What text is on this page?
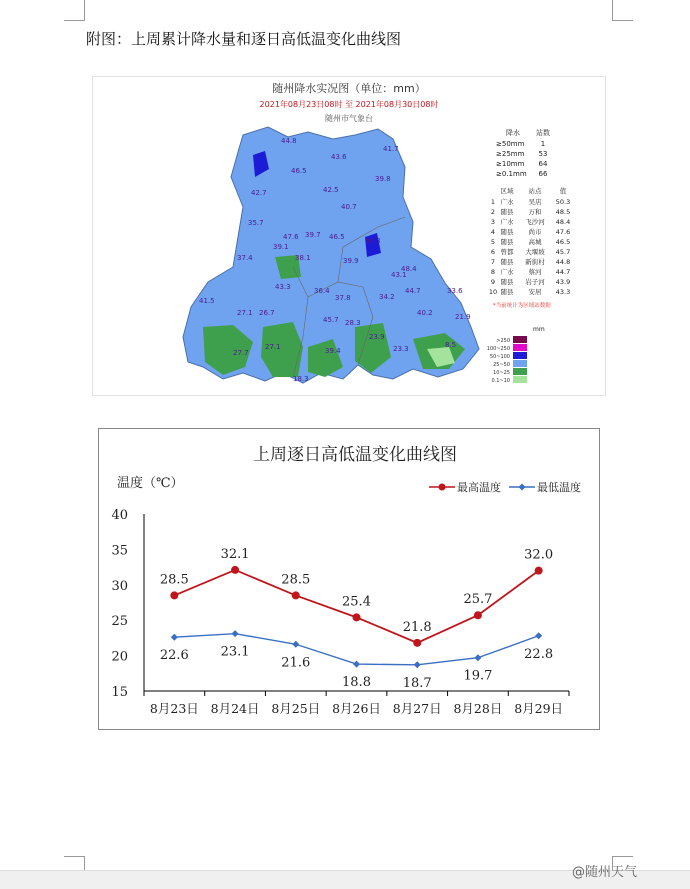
附图：上周累计降水量和逐日高低温变化曲线图
随州降水实况图（单位：mm）
2021年08月23日08时 至 2021年08月30日08时
随州市气象台
44.8
43.6
41.7
46.5
39.8
42.7	42.5
40.7
35.7
39.7 46.5
47.6
39.1
38.1
50.3
37.4	39.9
48.4
43.3
43.1
36.4
37.8	34.2
44.7
41.5
27.1 26.7
45.7 28.3
40.2
33.6
21.9
27.7
27.1	39.4
23.9
23.3	8.5
18.3
降水 站数
≥50mm 1
≥25mm 53
≥10mm 64
≥0.1mm 66
区域 站点	值
1 广水 吴店 50.3
2 随县 万和 48.5
3 广水 飞沙河 48.4
4 随县 尚市 47.6
5 随县 高城 46.5
6 曾都 大堰坡 45.7
7 随县 新街村 44.8
8 广水 蔡河 44.7
9 随县 岩子河 43.9
10 随县 安居 43.3
*当前统计为区域站数据
mm
>250
100~250
50~100
25~50
10~25
0.1~10
上周逐日高低温变化曲线图
温度（℃）	最高温度	最低温度
15
20
25
30
35
40
8月23日 8月24日 8月25日 8月26日 8月27日 8月28日 8月29日
28.5
32.1
28.5
25.4
21.8
25.7
32.0
22.6 23.1
21.6
18.8 18.7 19.7
22.8
@随州天气
